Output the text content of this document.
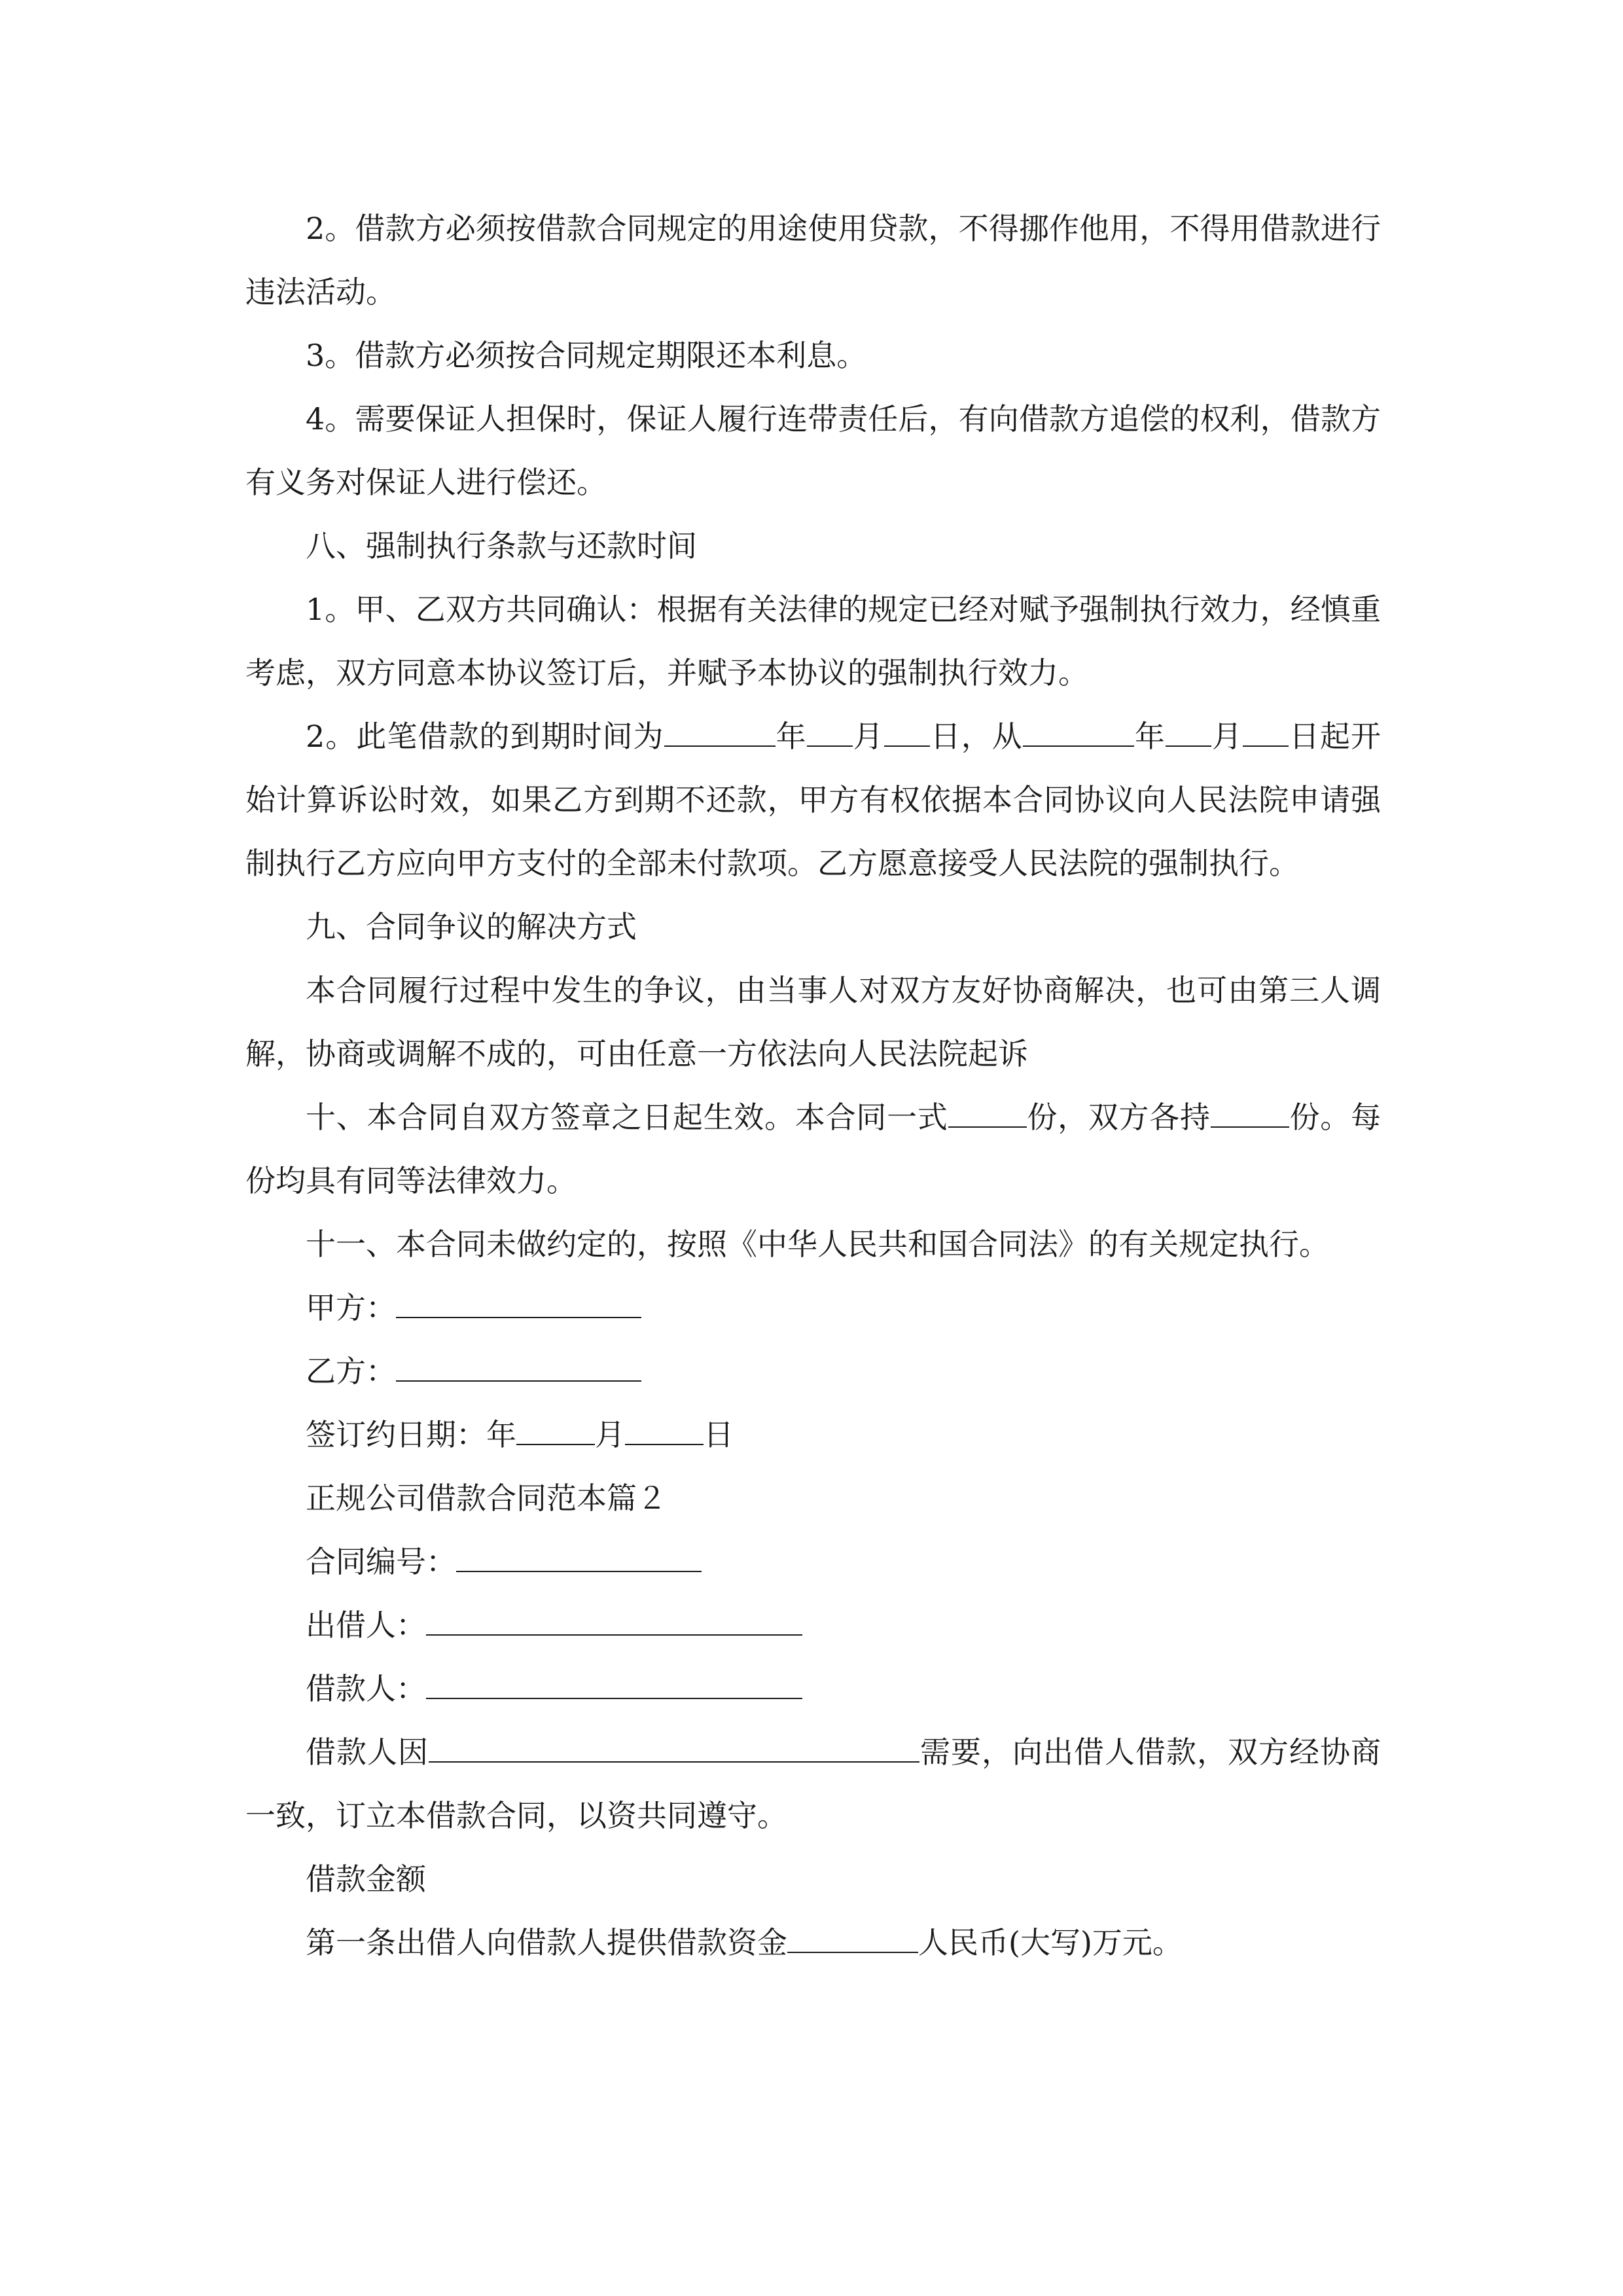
2。借款方必须按借款合同规定的用途使用贷款，不得挪作他用，不得用借款进行违法活动。

3。借款方必须按合同规定期限还本利息。

4。需要保证人担保时，保证人履行连带责任后，有向借款方追偿的权利，借款方有义务对保证人进行偿还。

八、强制执行条款与还款时间

1。甲、乙双方共同确认：根据有关法律的规定已经对赋予强制执行效力，经慎重考虑，双方同意本协议签订后，并赋予本协议的强制执行效力。

2。此笔借款的到期时间为	年 月 日，从	年 月 日起开始计算诉讼时效，如果乙方到期不还款，甲方有权依据本合同协议向人民法院申请强制执行乙方应向甲方支付的全部未付款项。乙方愿意接受人民法院的强制执行。

九、合同争议的解决方式

本合同履行过程中发生的争议，由当事人对双方友好协商解决，也可由第三人调解，协商或调解不成的，可由任意一方依法向人民法院起诉

十、本合同自双方签章之日起生效。本合同一式	份，双方各持	份。每份均具有同等法律效力。

十一、本合同未做约定的，按照《中华人民共和国合同法》的有关规定执行。

甲方：

乙方：

签订约日期：年	月	日

正规公司借款合同范本篇２

合同编号：

出借人：

借款人：

借款人因	需要，向出借人借款，双方经协商一致，订立本借款合同，以资共同遵守。

借款金额

第一条出借人向借款人提供借款资金	人民币(大写)万元。
